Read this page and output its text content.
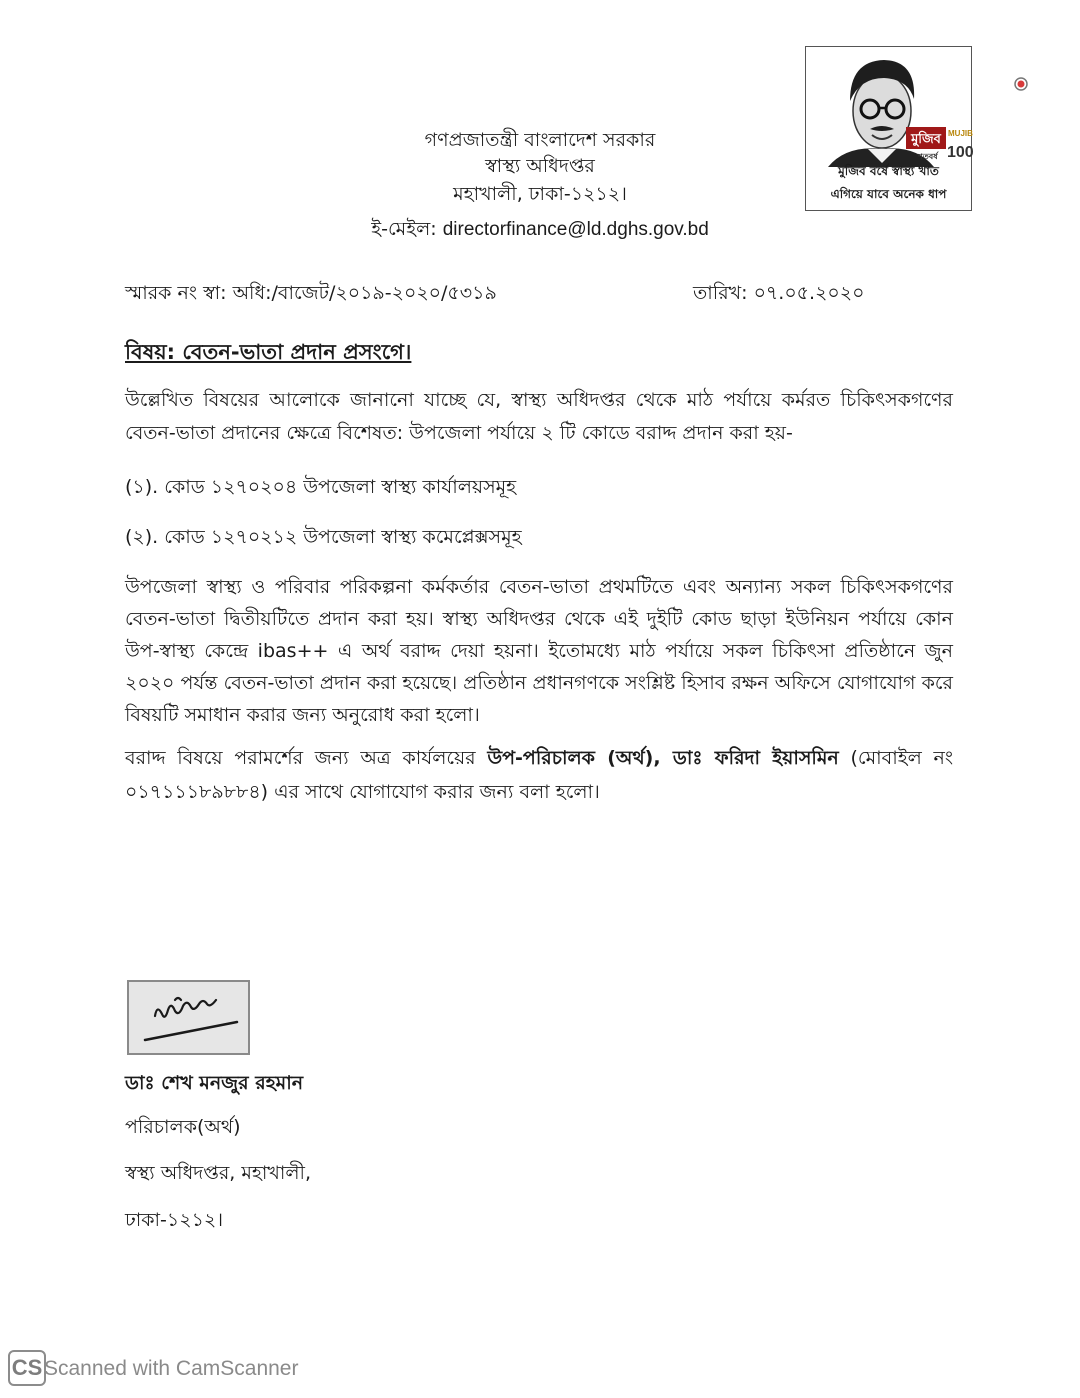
গণপ্রজাতন্ত্রী বাংলাদেশ সরকার
স্বাস্থ্য অধিদপ্তর
মহাখালী, ঢাকা-১২১২।
ই-মেইল: directorfinance@ld.dghs.gov.bd
মুজিব MUJIB
100
শতবর্ষ
মুজিব বর্ষে স্বাস্থ্য খাত
এগিয়ে যাবে অনেক ধাপ
স্মারক নং স্বা: অধি:/বাজেট/২০১৯-২০২০/৫৩১৯	তারিখ: ০৭.০৫.২০২০
বিষয়: বেতন-ভাতা প্রদান প্রসংগে।

উল্লেখিত বিষয়ের আলোকে জানানো যাচ্ছে যে, স্বাস্থ্য অধিদপ্তর থেকে মাঠ পর্যায়ে কর্মরত চিকিৎসকগণের বেতন-ভাতা প্রদানের ক্ষেত্রে বিশেষত: উপজেলা পর্যায়ে ২ টি কোডে বরাদ্দ প্রদান করা হয়-

(১). কোড ১২৭০২০৪ উপজেলা স্বাস্থ্য কার্যালয়সমূহ

(২). কোড ১২৭০২১২ উপজেলা স্বাস্থ্য কমেপ্লেক্সসমূহ

উপজেলা স্বাস্থ্য ও পরিবার পরিকল্পনা কর্মকর্তার বেতন-ভাতা প্রথমটিতে এবং অন্যান্য সকল চিকিৎসকগণের বেতন-ভাতা দ্বিতীয়টিতে প্রদান করা হয়। স্বাস্থ্য অধিদপ্তর থেকে এই দুইটি কোড ছাড়া ইউনিয়ন পর্যায়ে কোন উপ-স্বাস্থ্য কেন্দ্রে ibas++ এ অর্থ বরাদ্দ দেয়া হয়না। ইতোমধ্যে মাঠ পর্যায়ে সকল চিকিৎসা প্রতিষ্ঠানে জুন ২০২০ পর্যন্ত বেতন-ভাতা প্রদান করা হয়েছে। প্রতিষ্ঠান প্রধানগণকে সংশ্লিষ্ট হিসাব রক্ষন অফিসে যোগাযোগ করে বিষয়টি সমাধান করার জন্য অনুরোধ করা হলো।

বরাদ্দ বিষয়ে পরামর্শের জন্য অত্র কার্যলয়ের উপ-পরিচালক (অর্থ), ডাঃ ফরিদা ইয়াসমিন (মোবাইল নং ০১৭১১১৮৯৮৮৪) এর সাথে যোগাযোগ করার জন্য বলা হলো।

ডাঃ শেখ মনজুর রহমান
পরিচালক(অর্থ)
স্বস্থ্য অধিদপ্তর, মহাখালী,
ঢাকা-১২১২।
CS Scanned with CamScanner
